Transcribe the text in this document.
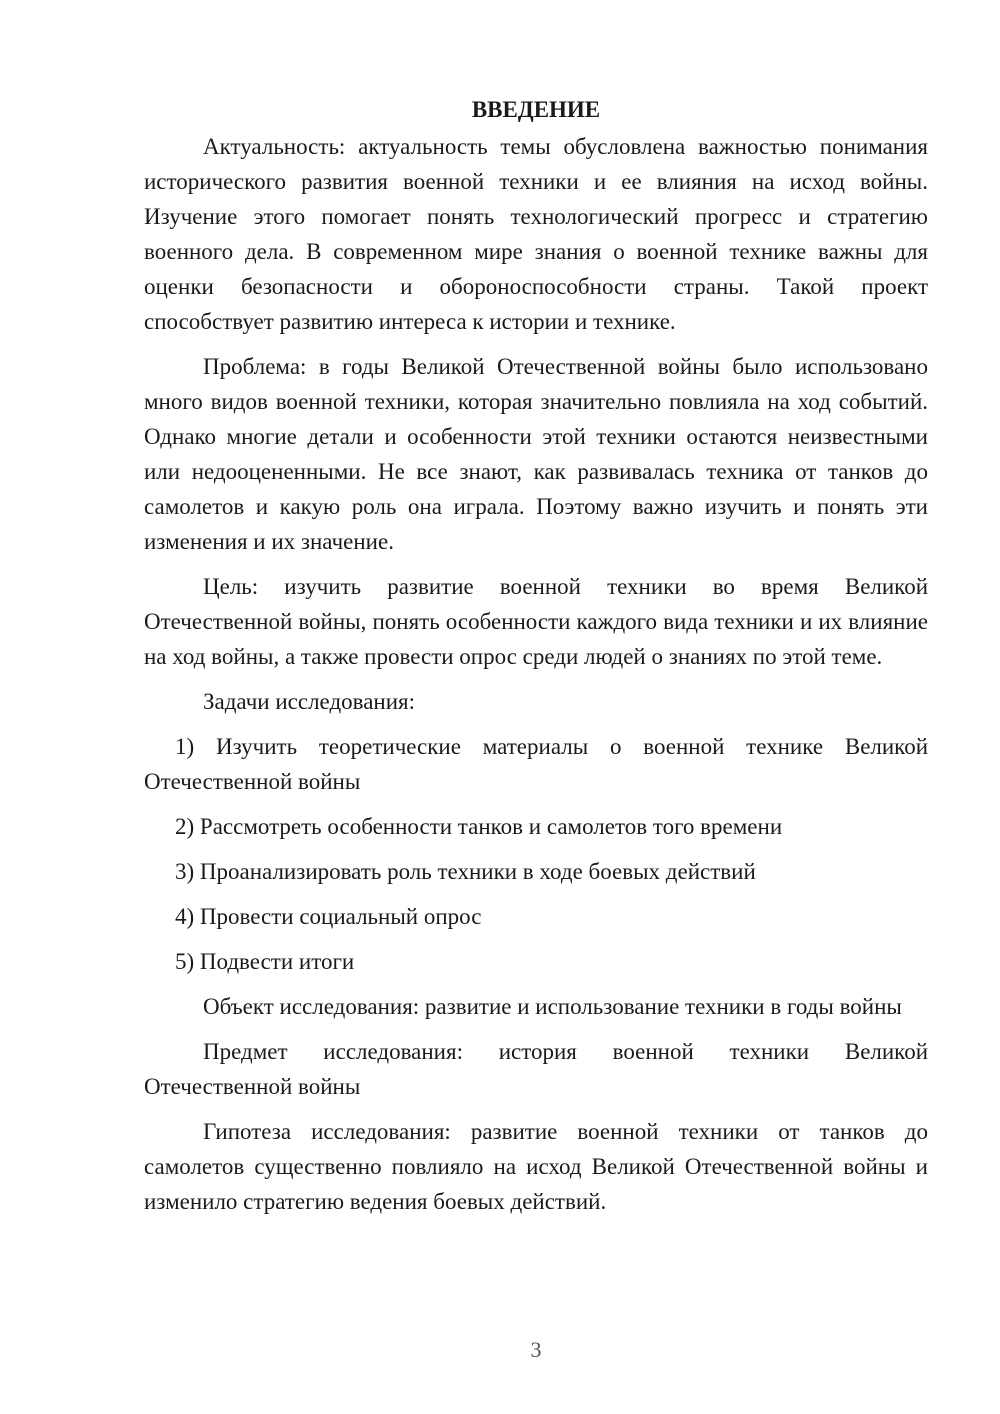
ВВЕДЕНИЕ

Актуальность: актуальность темы обусловлена важностью понимания исторического развития военной техники и ее влияния на исход войны. Изучение этого помогает понять технологический прогресс и стратегию военного дела. В современном мире знания о военной технике важны для оценки безопасности и обороноспособности страны. Такой проект способствует развитию интереса к истории и технике.

Проблема: в годы Великой Отечественной войны было использовано много видов военной техники, которая значительно повлияла на ход событий. Однако многие детали и особенности этой техники остаются неизвестными или недооцененными. Не все знают, как развивалась техника от танков до самолетов и какую роль она играла. Поэтому важно изучить и понять эти изменения и их значение.

Цель: изучить развитие военной техники во время Великой Отечественной войны, понять особенности каждого вида техники и их влияние на ход войны, а также провести опрос среди людей о знаниях по этой теме.

Задачи исследования:

1) Изучить теоретические материалы о военной технике Великой Отечественной войны

2) Рассмотреть особенности танков и самолетов того времени

3) Проанализировать роль техники в ходе боевых действий

4) Провести социальный опрос

5) Подвести итоги

Объект исследования: развитие и использование техники в годы войны

Предмет исследования: история военной техники Великой Отечественной войны

Гипотеза исследования: развитие военной техники от танков до самолетов существенно повлияло на исход Великой Отечественной войны и изменило стратегию ведения боевых действий.

3
